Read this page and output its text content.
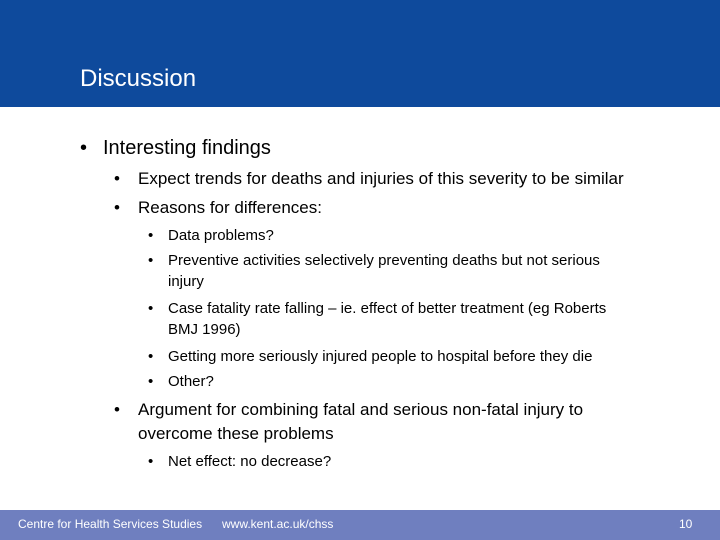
Discussion
• Interesting findings
• Expect trends for deaths and injuries of this severity to be similar
• Reasons for differences:
• Data problems?
• Preventive activities selectively preventing deaths but not serious
injury
• Case fatality rate falling – ie. effect of better treatment (eg Roberts
BMJ 1996)
• Getting more seriously injured people to hospital before they die
• Other?
• Argument for combining fatal and serious non-fatal injury to
overcome these problems
• Net effect: no decrease?
Centre for Health Services Studies www.kent.ac.uk/chss	10
